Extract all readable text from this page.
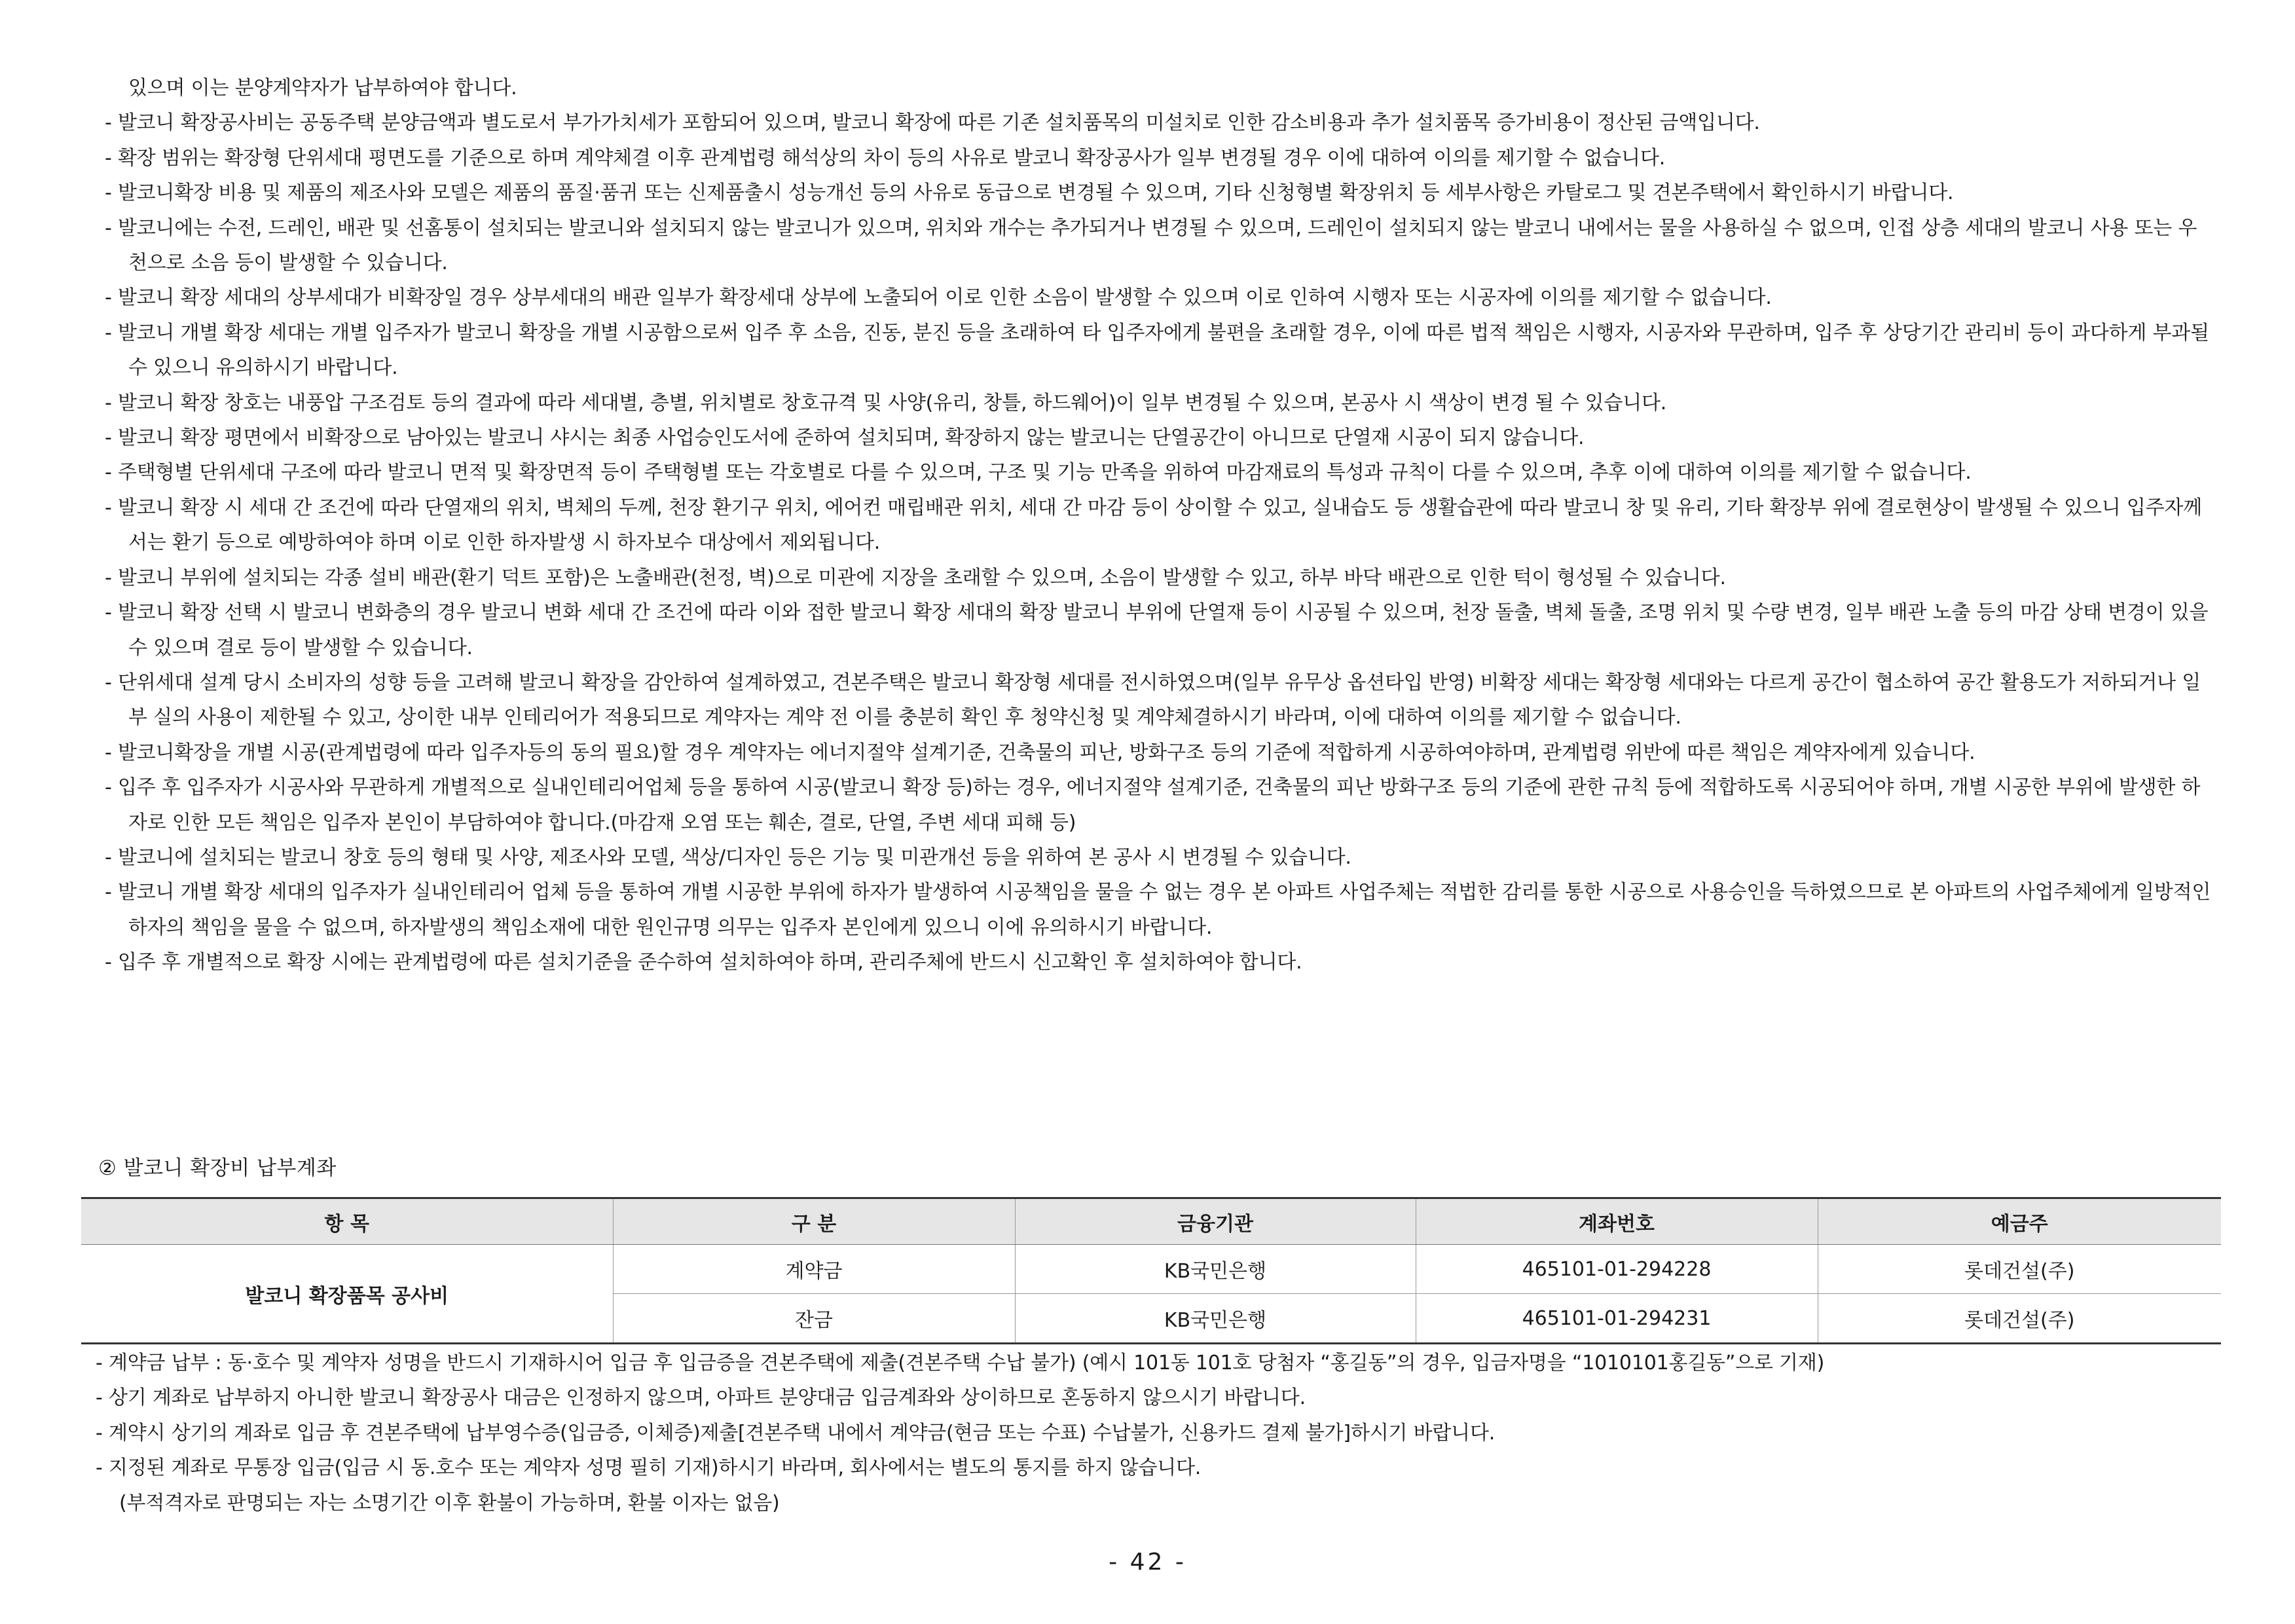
있으며 이는 분양계약자가 납부하여야 합니다.

- 발코니 확장공사비는 공동주택 분양금액과 별도로서 부가가치세가 포함되어 있으며, 발코니 확장에 따른 기존 설치품목의 미설치로 인한 감소비용과 추가 설치품목 증가비용이 정산된 금액입니다.

- 확장 범위는 확장형 단위세대 평면도를 기준으로 하며 계약체결 이후 관계법령 해석상의 차이 등의 사유로 발코니 확장공사가 일부 변경될 경우 이에 대하여 이의를 제기할 수 없습니다.

- 발코니확장 비용 및 제품의 제조사와 모델은 제품의 품질·품귀 또는 신제품출시 성능개선 등의 사유로 동급으로 변경될 수 있으며, 기타 신청형별 확장위치 등 세부사항은 카탈로그 및 견본주택에서 확인하시기 바랍니다.

- 발코니에는 수전, 드레인, 배관 및 선홈통이 설치되는 발코니와 설치되지 않는 발코니가 있으며, 위치와 개수는 추가되거나 변경될 수 있으며, 드레인이 설치되지 않는 발코니 내에서는 물을 사용하실 수 없으며, 인접 상층 세대의 발코니 사용 또는 우천으로 소음 등이 발생할 수 있습니다.

- 발코니 확장 세대의 상부세대가 비확장일 경우 상부세대의 배관 일부가 확장세대 상부에 노출되어 이로 인한 소음이 발생할 수 있으며 이로 인하여 시행자 또는 시공자에 이의를 제기할 수 없습니다.

- 발코니 개별 확장 세대는 개별 입주자가 발코니 확장을 개별 시공함으로써 입주 후 소음, 진동, 분진 등을 초래하여 타 입주자에게 불편을 초래할 경우, 이에 따른 법적 책임은 시행자, 시공자와 무관하며, 입주 후 상당기간 관리비 등이 과다하게 부과될 수 있으니 유의하시기 바랍니다.

- 발코니 확장 창호는 내풍압 구조검토 등의 결과에 따라 세대별, 층별, 위치별로 창호규격 및 사양(유리, 창틀, 하드웨어)이 일부 변경될 수 있으며, 본공사 시 색상이 변경 될 수 있습니다.

- 발코니 확장 평면에서 비확장으로 남아있는 발코니 샤시는 최종 사업승인도서에 준하여 설치되며, 확장하지 않는 발코니는 단열공간이 아니므로 단열재 시공이 되지 않습니다.

- 주택형별 단위세대 구조에 따라 발코니 면적 및 확장면적 등이 주택형별 또는 각호별로 다를 수 있으며, 구조 및 기능 만족을 위하여 마감재료의 특성과 규칙이 다를 수 있으며, 추후 이에 대하여 이의를 제기할 수 없습니다.

- 발코니 확장 시 세대 간 조건에 따라 단열재의 위치, 벽체의 두께, 천장 환기구 위치, 에어컨 매립배관 위치, 세대 간 마감 등이 상이할 수 있고, 실내습도 등 생활습관에 따라 발코니 창 및 유리, 기타 확장부 위에 결로현상이 발생될 수 있으니 입주자께서는 환기 등으로 예방하여야 하며 이로 인한 하자발생 시 하자보수 대상에서 제외됩니다.

- 발코니 부위에 설치되는 각종 설비 배관(환기 덕트 포함)은 노출배관(천정, 벽)으로 미관에 지장을 초래할 수 있으며, 소음이 발생할 수 있고, 하부 바닥 배관으로 인한 턱이 형성될 수 있습니다.

- 발코니 확장 선택 시 발코니 변화층의 경우 발코니 변화 세대 간 조건에 따라 이와 접한 발코니 확장 세대의 확장 발코니 부위에 단열재 등이 시공될 수 있으며, 천장 돌출, 벽체 돌출, 조명 위치 및 수량 변경, 일부 배관 노출 등의 마감 상태 변경이 있을 수 있으며 결로 등이 발생할 수 있습니다.

- 단위세대 설계 당시 소비자의 성향 등을 고려해 발코니 확장을 감안하여 설계하였고, 견본주택은 발코니 확장형 세대를 전시하였으며(일부 유무상 옵션타입 반영) 비확장 세대는 확장형 세대와는 다르게 공간이 협소하여 공간 활용도가 저하되거나 일부 실의 사용이 제한될 수 있고, 상이한 내부 인테리어가 적용되므로 계약자는 계약 전 이를 충분히 확인 후 청약신청 및 계약체결하시기 바라며, 이에 대하여 이의를 제기할 수 없습니다.

- 발코니확장을 개별 시공(관계법령에 따라 입주자등의 동의 필요)할 경우 계약자는 에너지절약 설계기준, 건축물의 피난, 방화구조 등의 기준에 적합하게 시공하여야하며, 관계법령 위반에 따른 책임은 계약자에게 있습니다.

- 입주 후 입주자가 시공사와 무관하게 개별적으로 실내인테리어업체 등을 통하여 시공(발코니 확장 등)하는 경우, 에너지절약 설계기준, 건축물의 피난 방화구조 등의 기준에 관한 규칙 등에 적합하도록 시공되어야 하며, 개별 시공한 부위에 발생한 하자로 인한 모든 책임은 입주자 본인이 부담하여야 합니다.(마감재 오염 또는 훼손, 결로, 단열, 주변 세대 피해 등)

- 발코니에 설치되는 발코니 창호 등의 형태 및 사양, 제조사와 모델, 색상/디자인 등은 기능 및 미관개선 등을 위하여 본 공사 시 변경될 수 있습니다.

- 발코니 개별 확장 세대의 입주자가 실내인테리어 업체 등을 통하여 개별 시공한 부위에 하자가 발생하여 시공책임을 물을 수 없는 경우 본 아파트 사업주체는 적법한 감리를 통한 시공으로 사용승인을 득하였으므로 본 아파트의 사업주체에게 일방적인 하자의 책임을 물을 수 없으며, 하자발생의 책임소재에 대한 원인규명 의무는 입주자 본인에게 있으니 이에 유의하시기 바랍니다.

- 입주 후 개별적으로 확장 시에는 관계법령에 따른 설치기준을 준수하여 설치하여야 하며, 관리주체에 반드시 신고확인 후 설치하여야 합니다.

② 발코니 확장비 납부계좌
항 목	구 분	금융기관	계좌번호	예금주
발코니 확장품목 공사비	계약금	KB국민은행	465101-01-294228	롯데건설(주)
	잔금	KB국민은행	465101-01-294231	롯데건설(주)

- 계약금 납부 : 동·호수 및 계약자 성명을 반드시 기재하시어 입금 후 입금증을 견본주택에 제출(견본주택 수납 불가) (예시 101동 101호 당첨자 “홍길동”의 경우, 입금자명을 “1010101홍길동”으로 기재)

- 상기 계좌로 납부하지 아니한 발코니 확장공사 대금은 인정하지 않으며, 아파트 분양대금 입금계좌와 상이하므로 혼동하지 않으시기 바랍니다.

- 계약시 상기의 계좌로 입금 후 견본주택에 납부영수증(입금증, 이체증)제출[견본주택 내에서 계약금(현금 또는 수표) 수납불가, 신용카드 결제 불가]하시기 바랍니다.

- 지정된 계좌로 무통장 입금(입금 시 동.호수 또는 계약자 성명 필히 기재)하시기 바라며, 회사에서는 별도의 통지를 하지 않습니다.

(부적격자로 판명되는 자는 소명기간 이후 환불이 가능하며, 환불 이자는 없음)

- 42 -
